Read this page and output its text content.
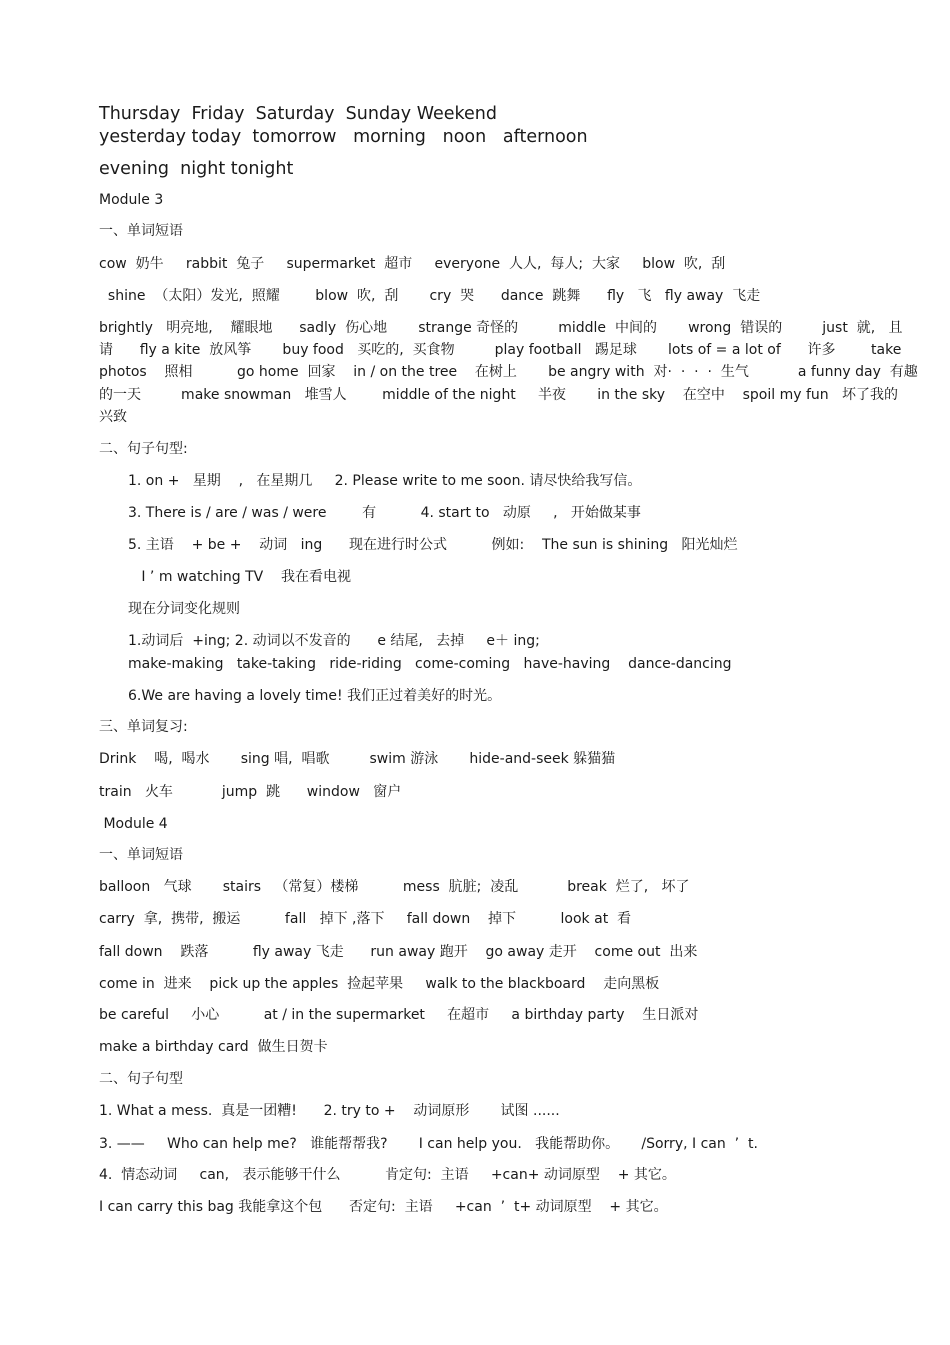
Thursday  Friday  Saturday  Sunday Weekend
yesterday today  tomorrow   morning   noon   afternoon
evening  night tonight
Module 3
一、单词短语
cow  奶牛     rabbit  兔子     supermarket  超市     everyone  人人,  每人;  大家     blow  吹,  刮
shine  （太阳）发光,  照耀        blow  吹,  刮       cry  哭      dance  跳舞      fly   飞   fly away  飞走
brightly   明亮地,    耀眼地      sadly  伤心地       strange 奇怪的         middle  中间的       wrong  错误的         just  就,   且
请      fly a kite  放风筝       buy food   买吃的,  买食物         play football   踢足球       lots of = a lot of      许多        take
photos    照相          go home  回家    in / on the tree    在树上       be angry with  对·  ·  ·  ·  生气           a funny day  有趣
的一天         make snowman   堆雪人        middle of the night     半夜       in the sky    在空中    spoil my fun   坏了我的
兴致
二、句子句型:
1. on +   星期    ,   在星期几     2. Please write to me soon. 请尽快给我写信。
3. There is / are / was / were        有          4. start to   动原     ,   开始做某事
5. 主语    + be +    动词   ing      现在进行时公式          例如:    The sun is shining   阳光灿烂
I ’ m watching TV    我在看电视
现在分词变化规则
1.动词后  +ing; 2. 动词以不发音的      e 结尾,   去掉     e＋ ing;
make-making   take-taking   ride-riding   come-coming   have-having    dance-dancing
6.We are having a lovely time! 我们正过着美好的时光。
三、单词复习:
Drink    喝,  喝水       sing 唱,  唱歌         swim 游泳       hide-and-seek 躲猫猫
train   火车           jump  跳      window   窗户
Module 4
一、单词短语
balloon   气球       stairs   （常复）楼梯          mess  肮脏;  凌乱           break  烂了,   坏了
carry  拿,  携带,  搬运          fall   掉下 ,落下     fall down    掉下          look at  看
fall down    跌落          fly away 飞走      run away 跑开    go away 走开    come out  出来
come in  进来    pick up the apples  捡起苹果     walk to the blackboard    走向黑板
be careful     小心          at / in the supermarket     在超市     a birthday party    生日派对
make a birthday card  做生日贺卡
二、句子句型
1. What a mess.  真是一团糟!      2. try to +    动词原形       试图 ......
3. ——     Who can help me?   谁能帮帮我?       I can help you.   我能帮助你。     /Sorry, I can  ’  t.
4.  情态动词     can,   表示能够干什么          肯定句:  主语     +can+ 动词原型    + 其它。
I can carry this bag 我能拿这个包      否定句:  主语     +can  ’  t+ 动词原型    + 其它。
